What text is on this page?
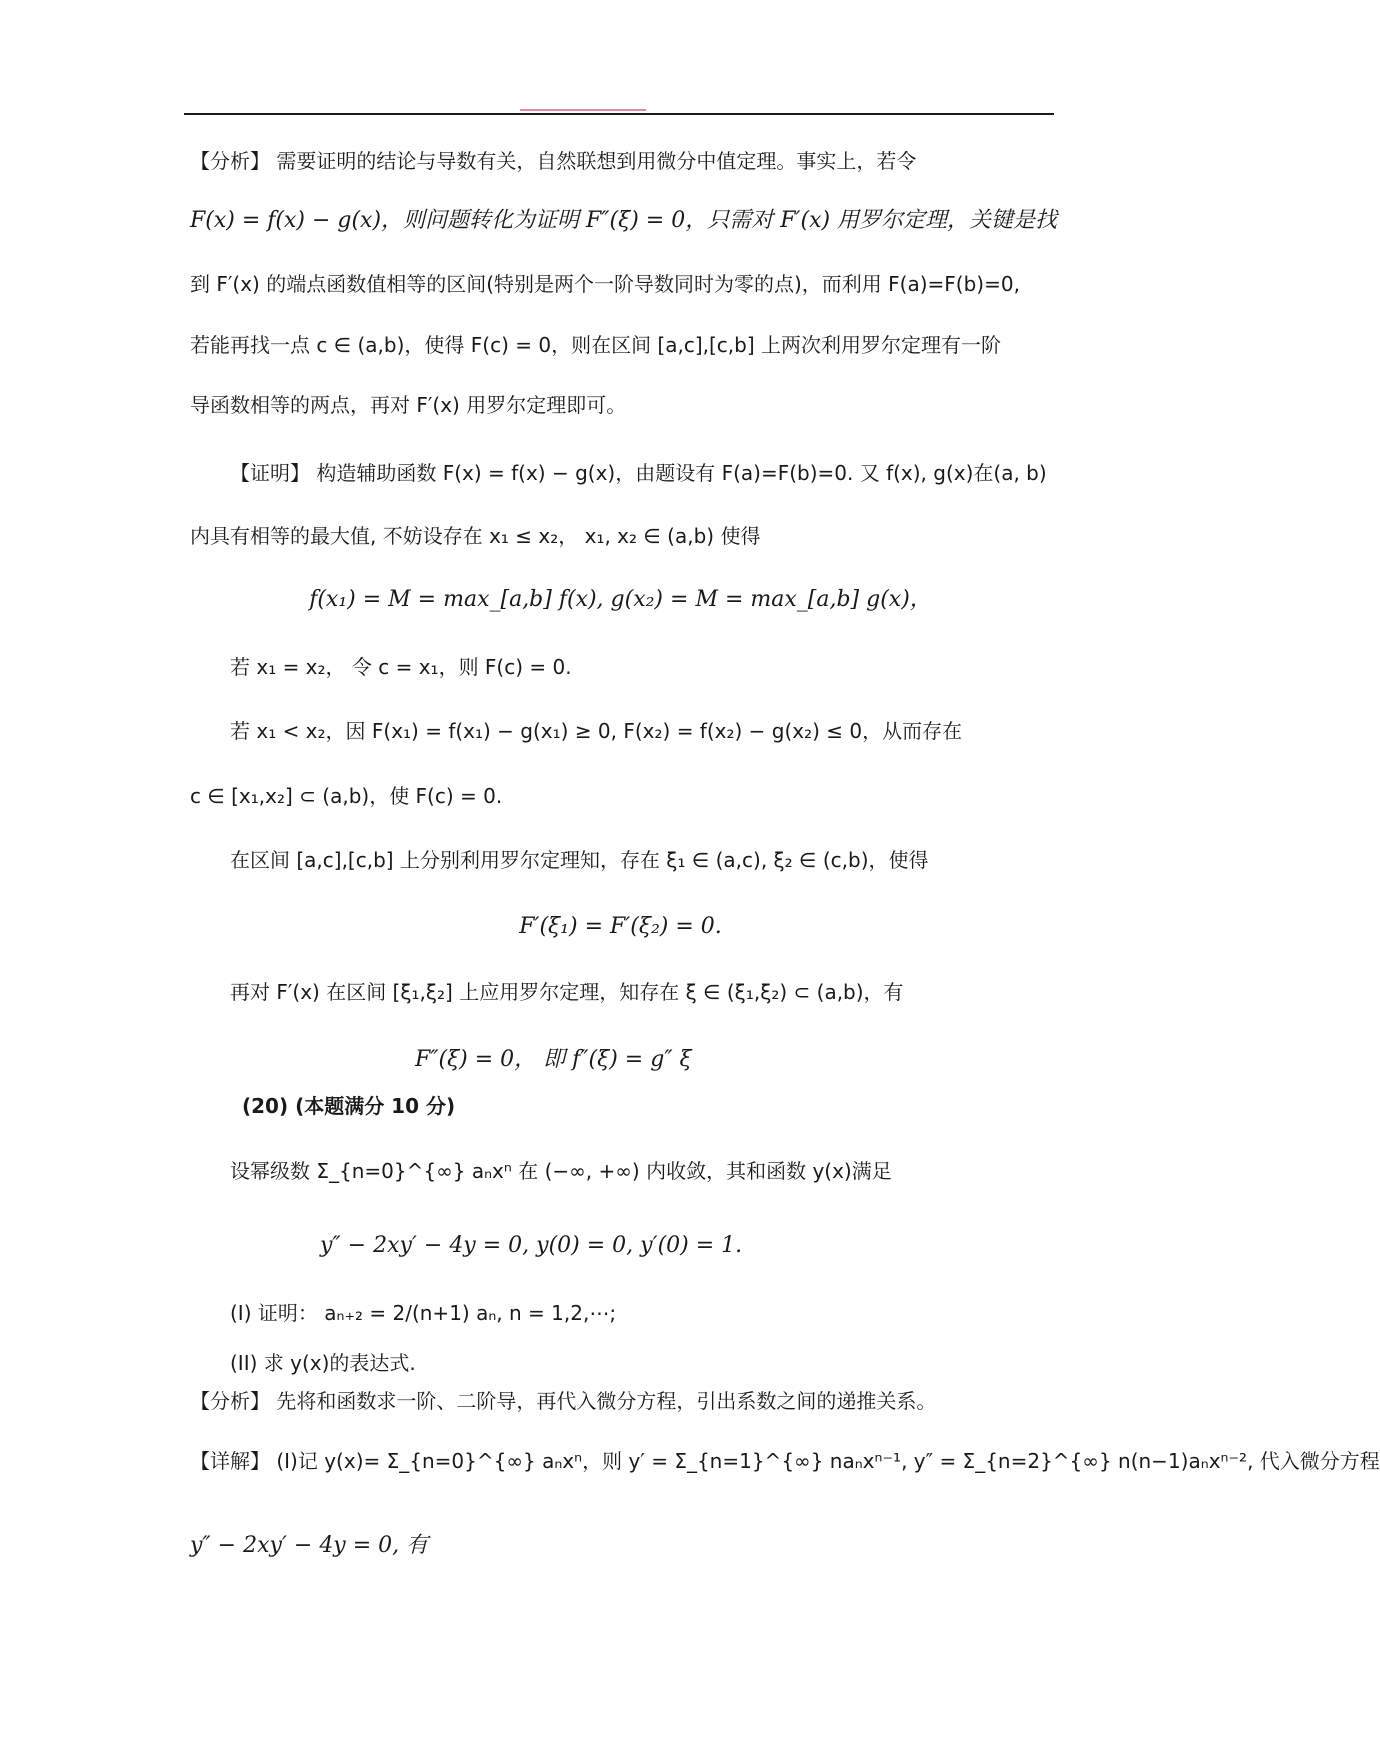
【分析】 需要证明的结论与导数有关，自然联想到用微分中值定理。事实上，若令
F(x) = f(x) − g(x)，则问题转化为证明 F″(ξ) = 0，只需对 F′(x) 用罗尔定理，关键是找
到 F′(x) 的端点函数值相等的区间(特别是两个一阶导数同时为零的点)，而利用 F(a)=F(b)=0,
若能再找一点 c ∈ (a,b)，使得 F(c) = 0，则在区间 [a,c],[c,b] 上两次利用罗尔定理有一阶
导函数相等的两点，再对 F′(x) 用罗尔定理即可。
【证明】 构造辅助函数 F(x) = f(x) − g(x)，由题设有 F(a)=F(b)=0. 又 f(x), g(x)在(a, b)
内具有相等的最大值, 不妨设存在 x₁ ≤ x₂， x₁, x₂ ∈ (a,b) 使得
f(x₁) = M = max_[a,b] f(x), g(x₂) = M = max_[a,b] g(x)，
若 x₁ = x₂， 令 c = x₁，则 F(c) = 0.
若 x₁ < x₂，因 F(x₁) = f(x₁) − g(x₁) ≥ 0, F(x₂) = f(x₂) − g(x₂) ≤ 0，从而存在
c ∈ [x₁,x₂] ⊂ (a,b)，使 F(c) = 0.
在区间 [a,c],[c,b] 上分别利用罗尔定理知，存在 ξ₁ ∈ (a,c), ξ₂ ∈ (c,b)，使得
F′(ξ₁) = F′(ξ₂) = 0.
再对 F′(x) 在区间 [ξ₁,ξ₂] 上应用罗尔定理，知存在 ξ ∈ (ξ₁,ξ₂) ⊂ (a,b)，有
F″(ξ) = 0， 即 f″(ξ) = g″ ξ
(20) (本题满分 10 分)
设幂级数 Σ_{n=0}^{∞} aₙxⁿ 在 (−∞, +∞) 内收敛，其和函数 y(x)满足
y″ − 2xy′ − 4y = 0, y(0) = 0, y′(0) = 1.
(I) 证明： aₙ₊₂ = 2/(n+1) aₙ, n = 1,2,⋯;
(II) 求 y(x)的表达式.
【分析】 先将和函数求一阶、二阶导，再代入微分方程，引出系数之间的递推关系。
【详解】 (I)记 y(x)= Σ_{n=0}^{∞} aₙxⁿ，则 y′ = Σ_{n=1}^{∞} naₙxⁿ⁻¹, y″ = Σ_{n=2}^{∞} n(n−1)aₙxⁿ⁻², 代入微分方程
y″ − 2xy′ − 4y = 0, 有
